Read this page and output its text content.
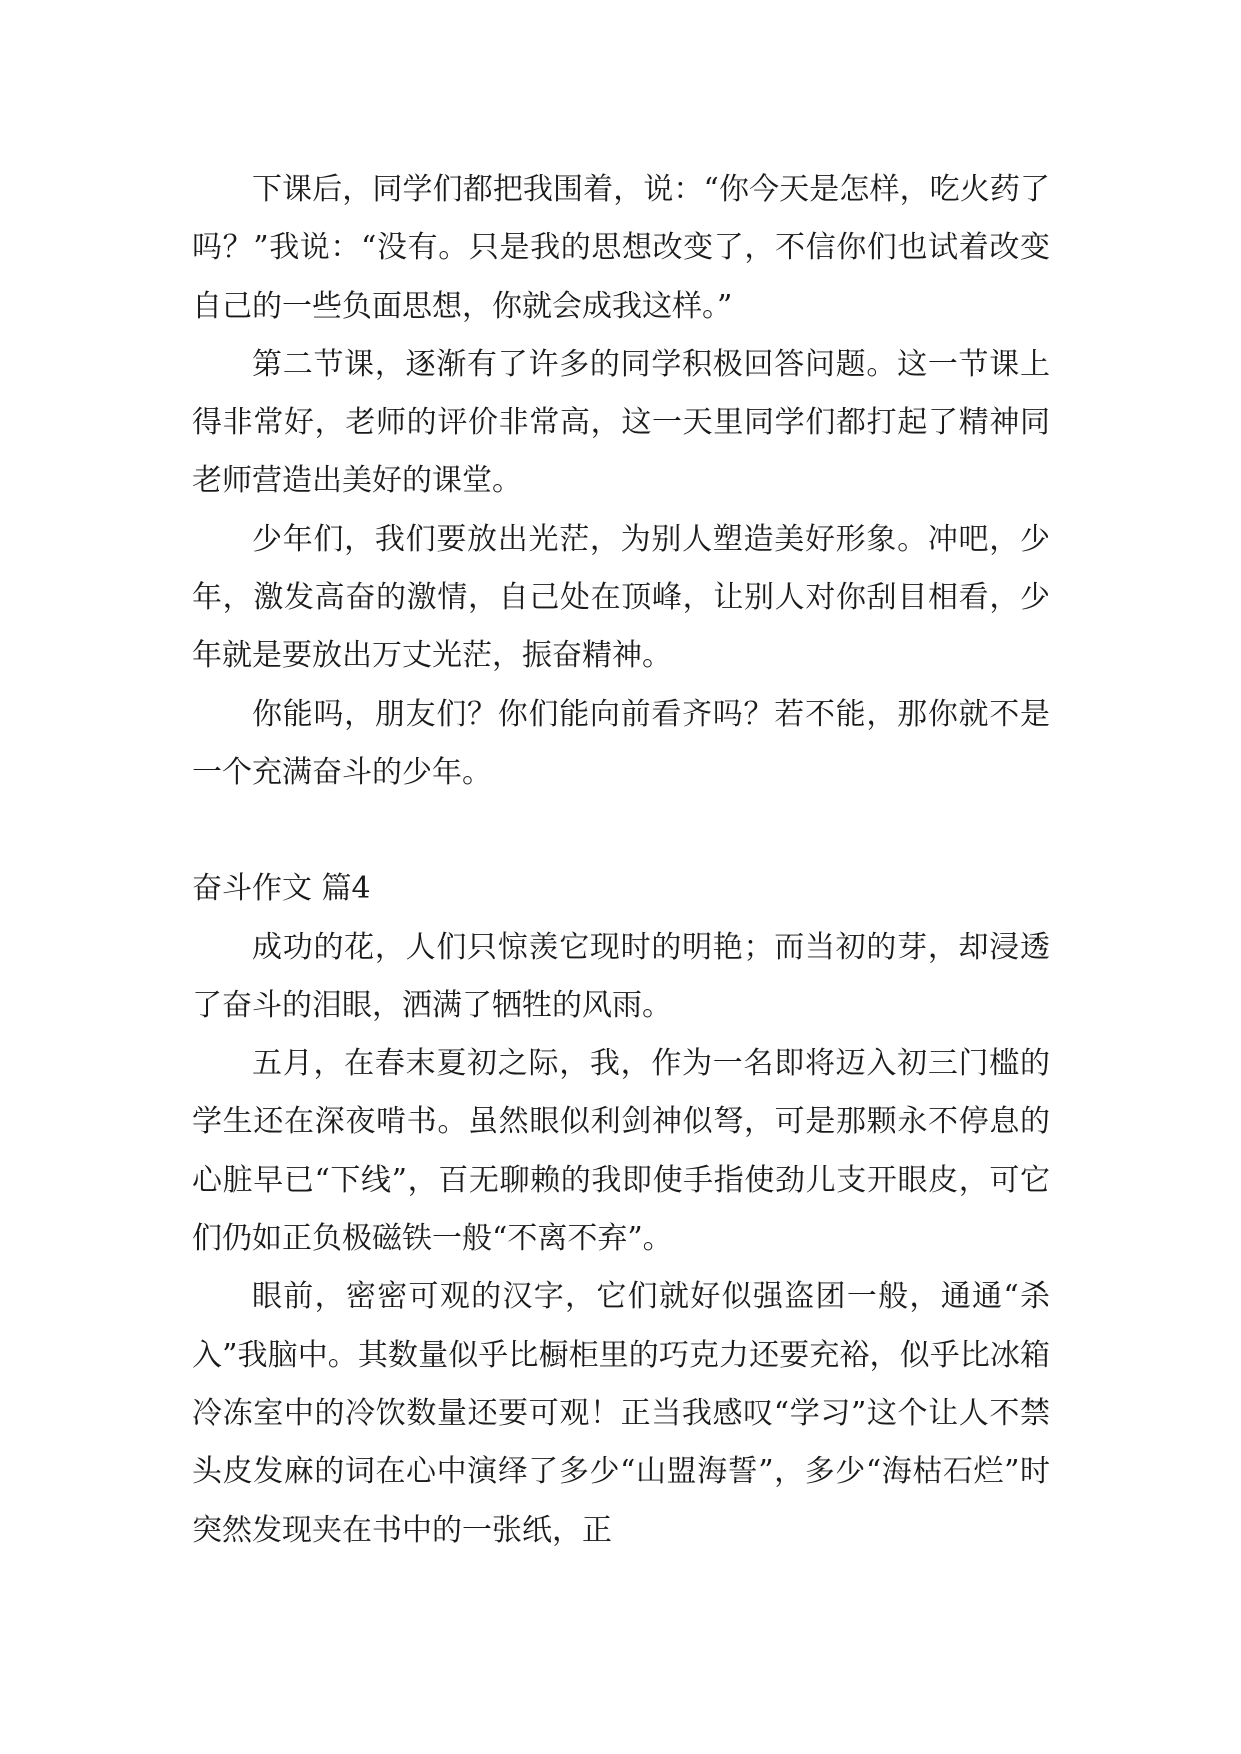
下课后，同学们都把我围着，说：“你今天是怎样，吃火药了吗？”我说：“没有。只是我的思想改变了，不信你们也试着改变自己的一些负面思想，你就会成我这样。”

第二节课，逐渐有了许多的同学积极回答问题。这一节课上得非常好，老师的评价非常高，这一天里同学们都打起了精神同老师营造出美好的课堂。

少年们，我们要放出光茫，为别人塑造美好形象。冲吧，少年，激发高奋的激情，自己处在顶峰，让别人对你刮目相看，少年就是要放出万丈光茫，振奋精神。

你能吗，朋友们？你们能向前看齐吗？若不能，那你就不是一个充满奋斗的少年。

奋斗作文 篇4

成功的花，人们只惊羡它现时的明艳；而当初的芽，却浸透了奋斗的泪眼，洒满了牺牲的风雨。

五月，在春末夏初之际，我，作为一名即将迈入初三门槛的学生还在深夜啃书。虽然眼似利剑神似弩，可是那颗永不停息的心脏早已“下线”，百无聊赖的我即使手指使劲儿支开眼皮，可它们仍如正负极磁铁一般“不离不弃”。

眼前，密密可观的汉字，它们就好似强盗团一般，通通“杀入”我脑中。其数量似乎比橱柜里的巧克力还要充裕，似乎比冰箱冷冻室中的冷饮数量还要可观！正当我感叹“学习”这个让人不禁头皮发麻的词在心中演绎了多少“山盟海誓”，多少“海枯石烂”时突然发现夹在书中的一张纸，正
